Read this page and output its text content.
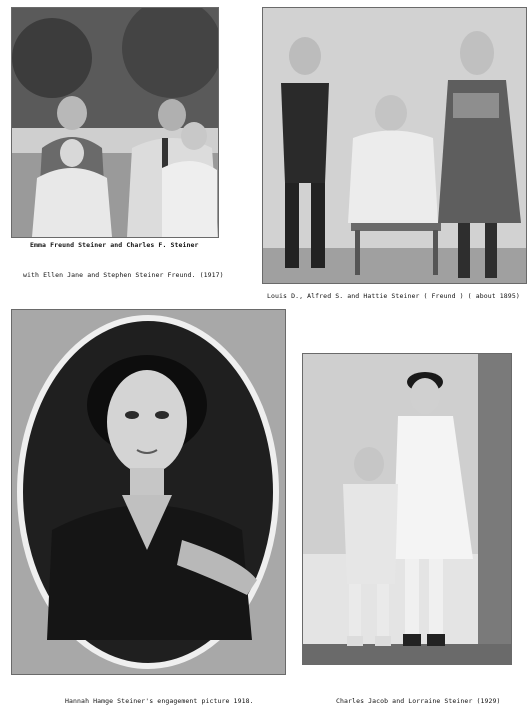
Emma Freund Steiner and Charles F. Steiner
with Ellen Jane and Stephen Steiner Freund. (1917)
Louis D., Alfred S. and Hattie Steiner ( Freund ) ( about 1895)
Hannah Hamge Steiner's engagement picture 1918.	Charles Jacob and Lorraine Steiner (1929)
